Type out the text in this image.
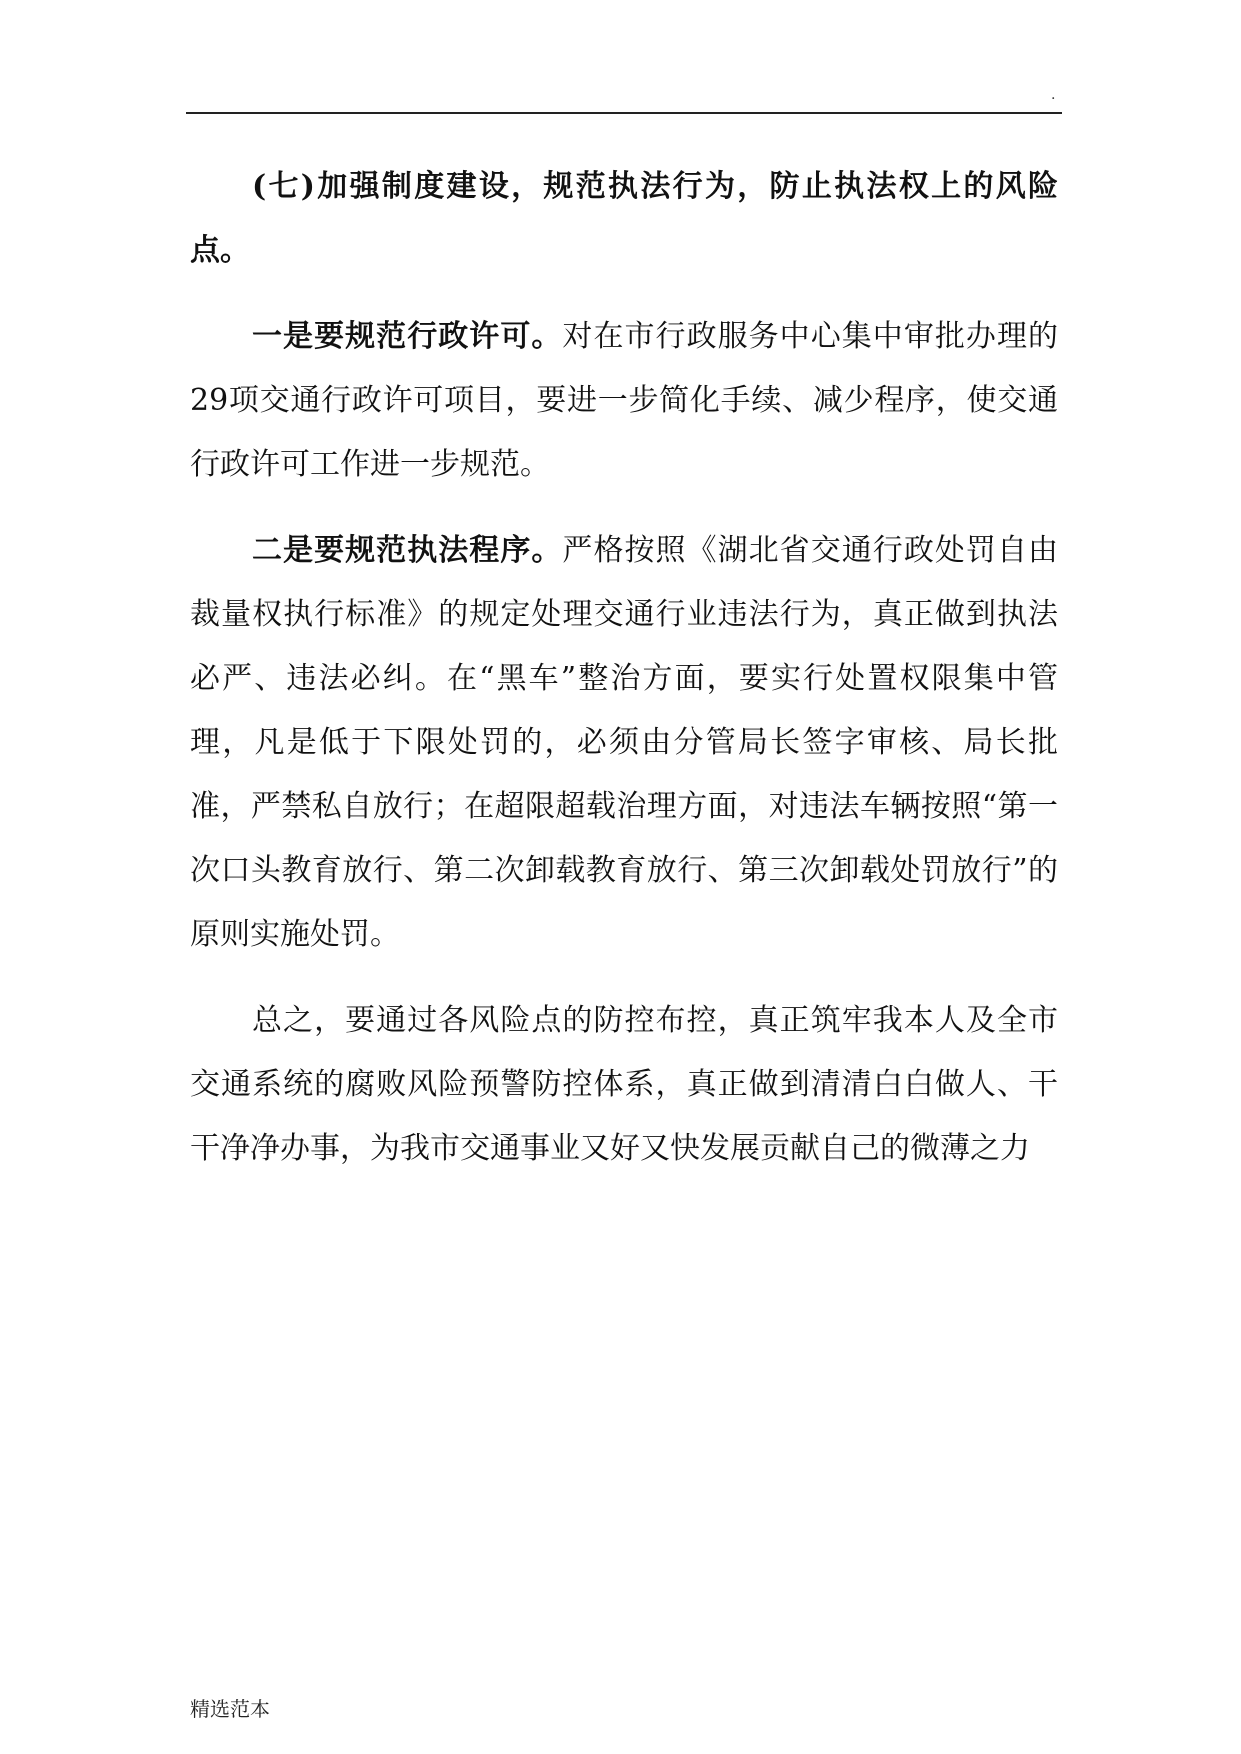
.

(七)加强制度建设，规范执法行为，防止执法权上的风险点。

一是要规范行政许可。对在市行政服务中心集中审批办理的29项交通行政许可项目，要进一步简化手续、减少程序，使交通行政许可工作进一步规范。

二是要规范执法程序。严格按照《湖北省交通行政处罚自由裁量权执行标准》的规定处理交通行业违法行为，真正做到执法必严、违法必纠。在“黑车”整治方面，要实行处置权限集中管理，凡是低于下限处罚的，必须由分管局长签字审核、局长批准，严禁私自放行；在超限超载治理方面，对违法车辆按照“第一次口头教育放行、第二次卸载教育放行、第三次卸载处罚放行”的原则实施处罚。

总之，要通过各风险点的防控布控，真正筑牢我本人及全市交通系统的腐败风险预警防控体系，真正做到清清白白做人、干干净净办事，为我市交通事业又好又快发展贡献自己的微薄之力

精选范本
